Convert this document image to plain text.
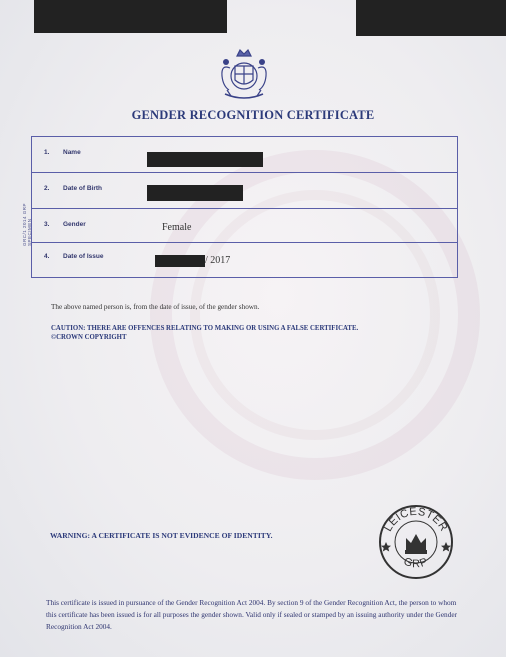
GENDER RECOGNITION CERTIFICATE
GRC/1 2014 GRP SPECIMEN
1. Name
2. Date of Birth
3. Gender	Female
4. Date of Issue	/ 2017
The above named person is, from the date of issue, of the gender shown.
CAUTION: THERE ARE OFFENCES RELATING TO MAKING OR USING A FALSE CERTIFICATE.
©CROWN COPYRIGHT
WARNING: A CERTIFICATE IS NOT EVIDENCE OF IDENTITY.
LEICESTER
GRP
This certificate is issued in pursuance of the Gender Recognition Act 2004. By section 9 of the Gender Recognition Act, the person to whom this certificate has been issued is for all purposes the gender shown. Valid only if sealed or stamped by an issuing authority under the Gender Recognition Act 2004.
